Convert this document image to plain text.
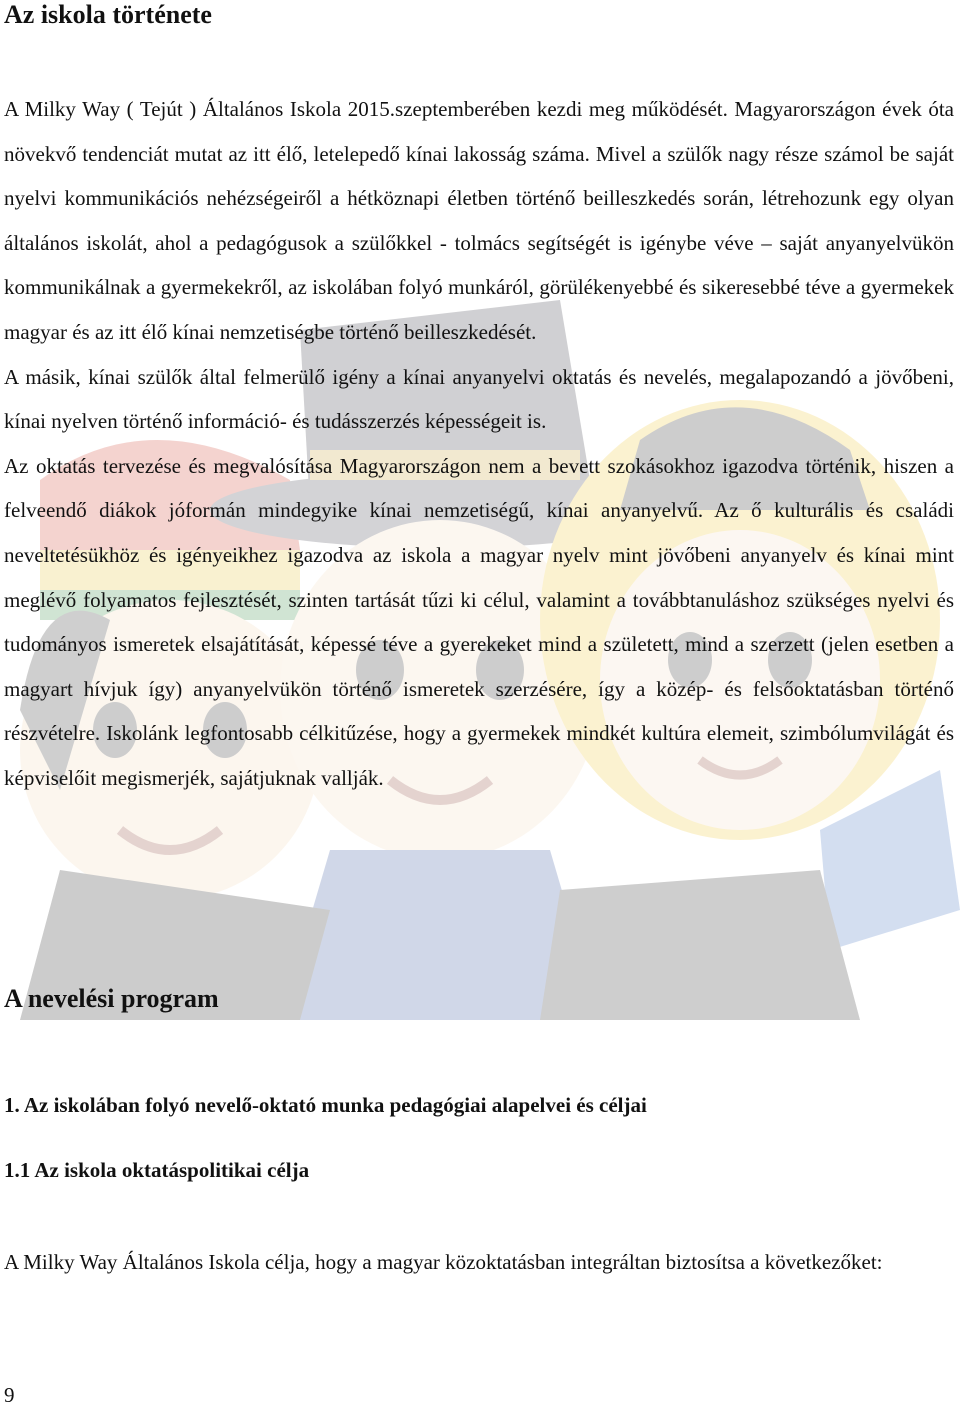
Az iskola története

A Milky Way ( Tejút ) Általános Iskola 2015.szeptemberében kezdi meg működését. Magyarországon évek óta növekvő tendenciát mutat az itt élő, letelepedő kínai lakosság száma. Mivel a szülők nagy része számol be saját nyelvi kommunikációs nehézségeiről a hétköznapi életben történő beilleszkedés során, létrehozunk egy olyan általános iskolát, ahol a pedagógusok a szülőkkel - tolmács segítségét is igénybe véve – saját anyanyelvükön kommunikálnak a gyermekekről, az iskolában folyó munkáról, görülékenyebbé és sikeresebbé téve a gyermekek magyar és az itt élő kínai nemzetiségbe történő beilleszkedését.

A másik, kínai szülők által felmerülő igény a kínai anyanyelvi oktatás és nevelés, megalapozandó a jövőbeni, kínai nyelven történő információ- és tudásszerzés képességeit is.

Az oktatás tervezése és megvalósítása Magyarországon nem a bevett szokásokhoz igazodva történik, hiszen a felveendő diákok jóformán mindegyike kínai nemzetiségű, kínai anyanyelvű. Az ő kulturális és családi neveltetésükhöz és igényeikhez igazodva az iskola a magyar nyelv mint jövőbeni anyanyelv és kínai mint meglévő folyamatos fejlesztését, szinten tartását tűzi ki célul, valamint a továbbtanuláshoz szükséges nyelvi és tudományos ismeretek elsajátítását, képessé téve a gyerekeket mind a született, mind a szerzett (jelen esetben a magyart hívjuk így) anyanyelvükön történő ismeretek szerzésére, így a közép- és felsőoktatásban történő részvételre. Iskolánk legfontosabb célkitűzése, hogy a gyermekek mindkét kultúra elemeit, szimbólumvilágát és képviselőit megismerjék, sajátjuknak vallják.

A nevelési program
1. Az iskolában folyó nevelő-oktató munka pedagógiai alapelvei és céljai
1.1 Az iskola oktatáspolitikai célja

A Milky Way Általános Iskola célja, hogy a magyar közoktatásban integráltan biztosítsa a következőket:

9
